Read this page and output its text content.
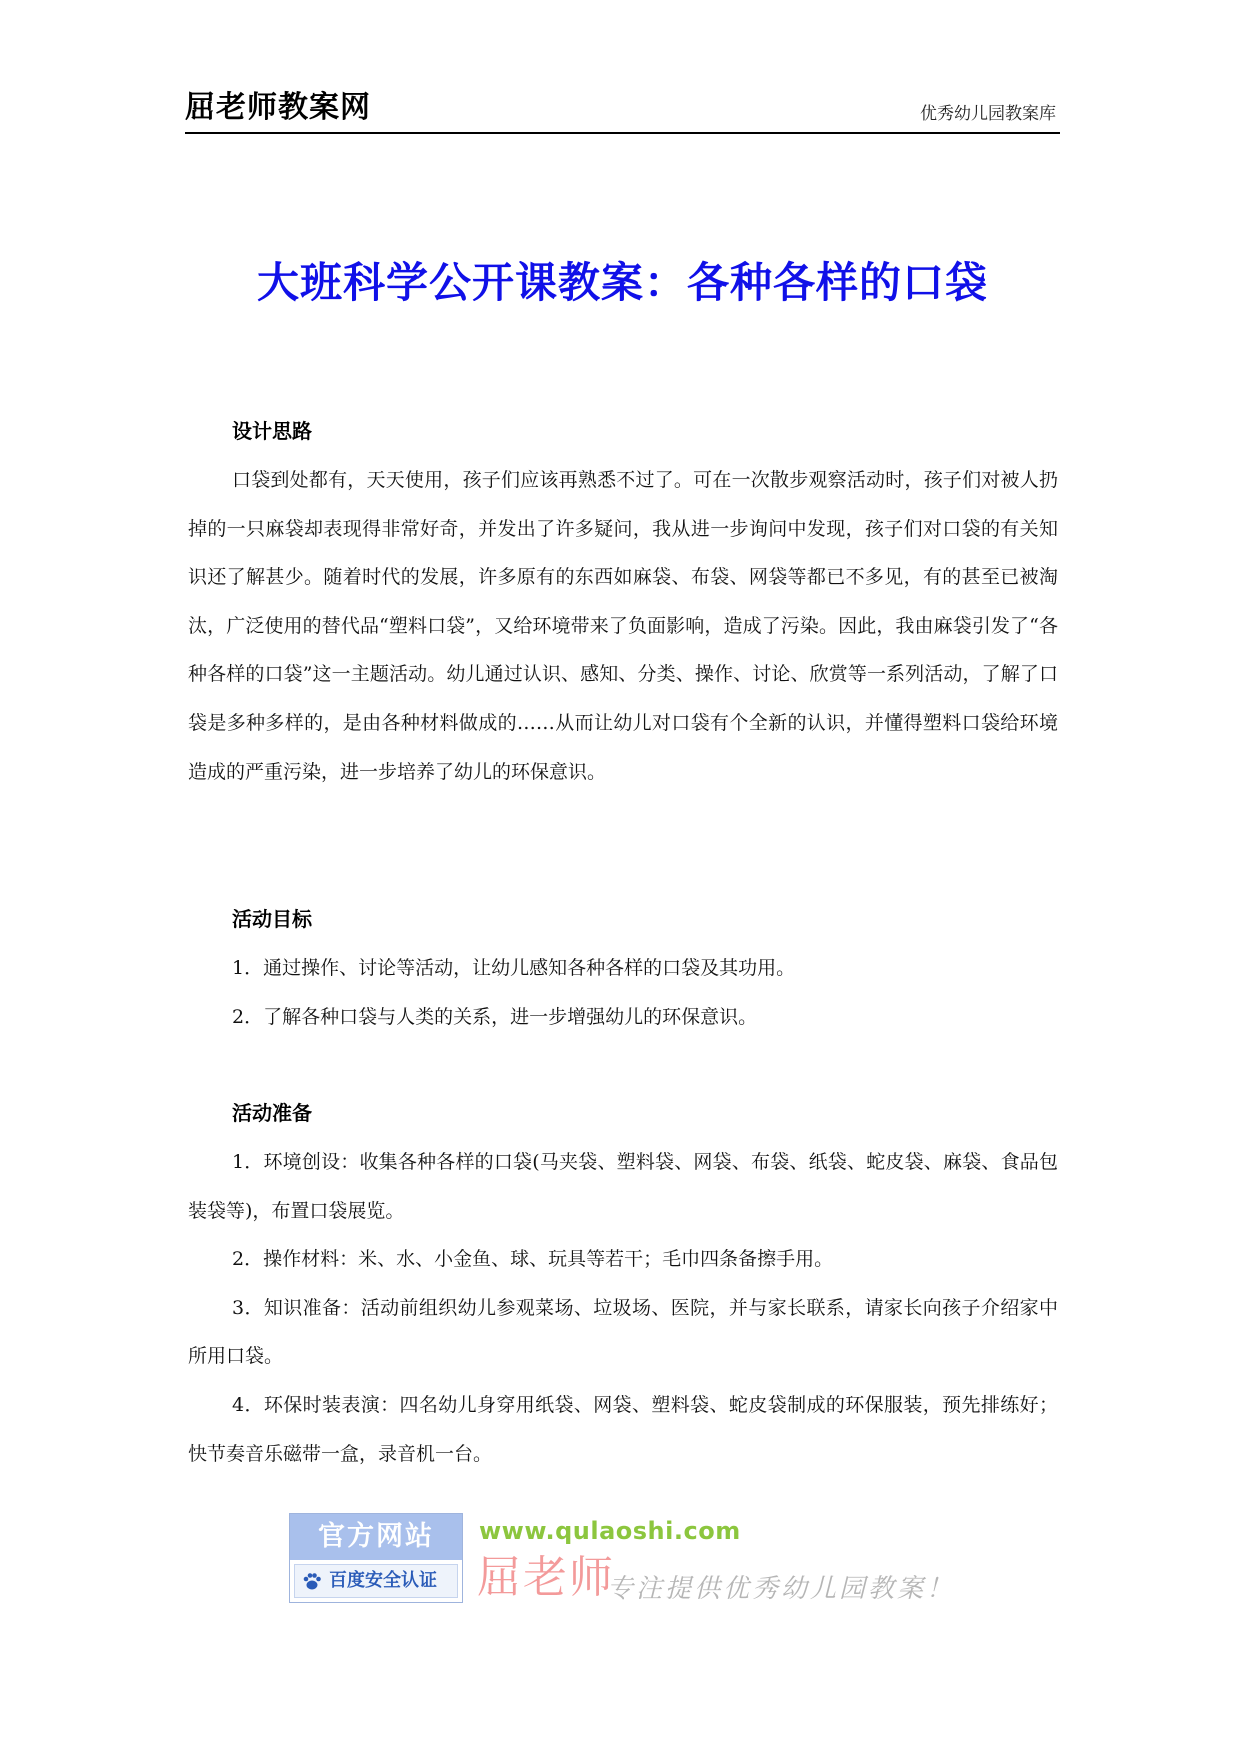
屈老师教案网	优秀幼儿园教案库
大班科学公开课教案：各种各样的口袋
设计思路

口袋到处都有，天天使用，孩子们应该再熟悉不过了。可在一次散步观察活动时，孩子们对被人扔掉的一只麻袋却表现得非常好奇，并发出了许多疑问，我从进一步询问中发现，孩子们对口袋的有关知识还了解甚少。随着时代的发展，许多原有的东西如麻袋、布袋、网袋等都已不多见，有的甚至已被淘汰，广泛使用的替代品“塑料口袋”，又给环境带来了负面影响，造成了污染。因此，我由麻袋引发了“各种各样的口袋”这一主题活动。幼儿通过认识、感知、分类、操作、讨论、欣赏等一系列活动，了解了口袋是多种多样的，是由各种材料做成的……从而让幼儿对口袋有个全新的认识，并懂得塑料口袋给环境造成的严重污染，进一步培养了幼儿的环保意识。

活动目标

1．通过操作、讨论等活动，让幼儿感知各种各样的口袋及其功用。

2．了解各种口袋与人类的关系，进一步增强幼儿的环保意识。

活动准备

1．环境创设：收集各种各样的口袋(马夹袋、塑料袋、网袋、布袋、纸袋、蛇皮袋、麻袋、食品包装袋等)，布置口袋展览。

2．操作材料：米、水、小金鱼、球、玩具等若干；毛巾四条备擦手用。

3．知识准备：活动前组织幼儿参观菜场、垃圾场、医院，并与家长联系，请家长向孩子介绍家中所用口袋。

4．环保时装表演：四名幼儿身穿用纸袋、网袋、塑料袋、蛇皮袋制成的环保服装，预先排练好；快节奏音乐磁带一盒，录音机一台。

官方网站
百度安全认证
www.qulaoshi.com
屈老师
专注提供优秀幼儿园教案！
